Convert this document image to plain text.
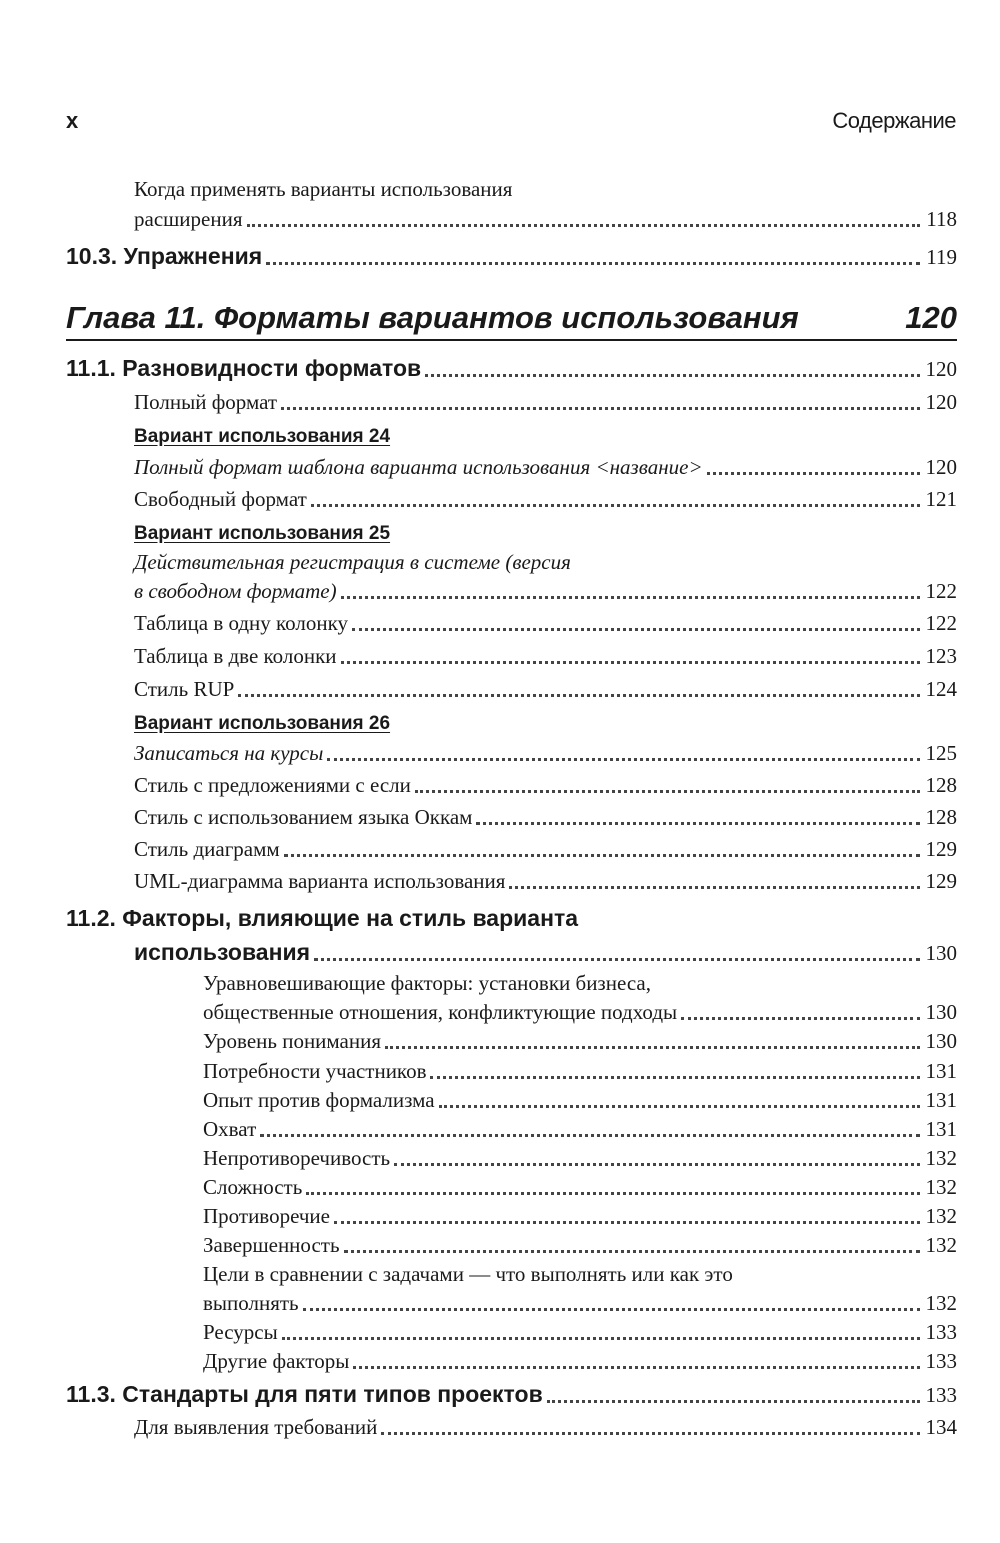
x	Содержание
Когда применять варианты использования
расширения	118
10.3. Упражнения	119
Глава 11. Форматы вариантов использования	120
11.1. Разновидности форматов	120
Полный формат	120
Вариант использования 24
Полный формат шаблона варианта использования <название>	120
Свободный формат	121
Вариант использования 25
Действительная регистрация в системе (версия
в свободном формате)	122
Таблица в одну колонку	122
Таблица в две колонки	123
Стиль RUP	124
Вариант использования 26
Записаться на курсы	125
Стиль с предложениями с если	128
Стиль с использованием языка Оккам	128
Стиль диаграмм	129
UML-диаграмма варианта использования	129
11.2. Факторы, влияющие на стиль варианта
использования	130
Уравновешивающие факторы: установки бизнеса,
общественные отношения, конфликтующие подходы	130
Уровень понимания	130
Потребности участников	131
Опыт против формализма	131
Охват	131
Непротиворечивость	132
Сложность	132
Противоречие	132
Завершенность	132
Цели в сравнении с задачами — что выполнять или как это
выполнять	132
Ресурсы	133
Другие факторы	133
11.3. Стандарты для пяти типов проектов	133
Для выявления требований	134
